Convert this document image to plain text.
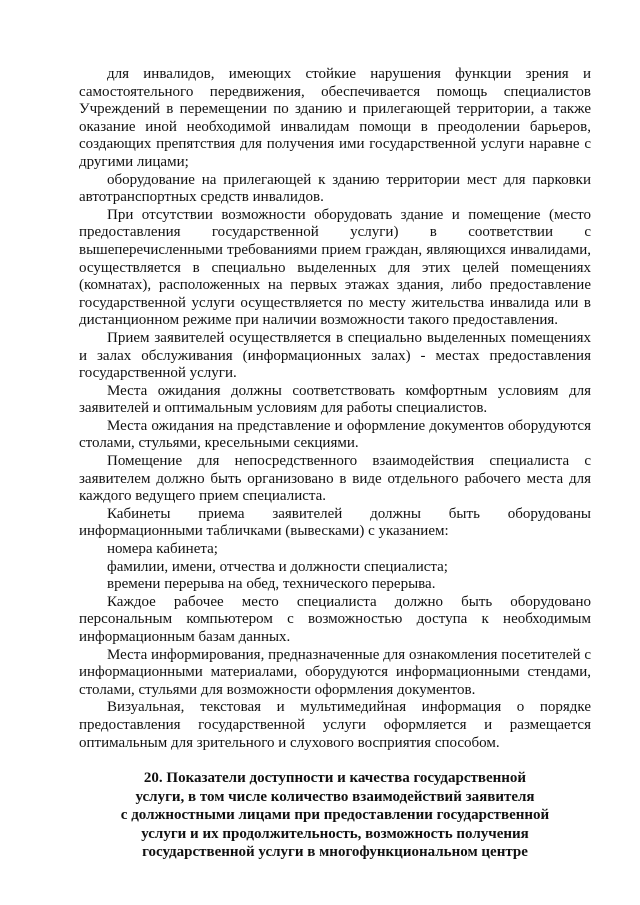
для инвалидов, имеющих стойкие нарушения функции зрения и самостоятельного передвижения, обеспечивается помощь специалистов Учреждений в перемещении по зданию и прилегающей территории, а также оказание иной необходимой инвалидам помощи в преодолении барьеров, создающих препятствия для получения ими государственной услуги наравне с другими лицами;

оборудование на прилегающей к зданию территории мест для парковки автотранспортных средств инвалидов.

При отсутствии возможности оборудовать здание и помещение (место предоставления государственной услуги) в соответствии с вышеперечисленными требованиями прием граждан, являющихся инвалидами, осуществляется в специально выделенных для этих целей помещениях (комнатах), расположенных на первых этажах здания, либо предоставление государственной услуги осуществляется по месту жительства инвалида или в дистанционном режиме при наличии возможности такого предоставления.

Прием заявителей осуществляется в специально выделенных помещениях и залах обслуживания (информационных залах) - местах предоставления государственной услуги.

Места ожидания должны соответствовать комфортным условиям для заявителей и оптимальным условиям для работы специалистов.

Места ожидания на представление и оформление документов оборудуются столами, стульями, кресельными секциями.

Помещение для непосредственного взаимодействия специалиста с заявителем должно быть организовано в виде отдельного рабочего места для каждого ведущего прием специалиста.

Кабинеты приема заявителей должны быть оборудованы информационными табличками (вывесками) с указанием:

номера кабинета;

фамилии, имени, отчества и должности специалиста;

времени перерыва на обед, технического перерыва.

Каждое рабочее место специалиста должно быть оборудовано персональным компьютером с возможностью доступа к необходимым информационным базам данных.

Места информирования, предназначенные для ознакомления посетителей с информационными материалами, оборудуются информационными стендами, столами, стульями для возможности оформления документов.

Визуальная, текстовая и мультимедийная информация о порядке предоставления государственной услуги оформляется и размещается оптимальным для зрительного и слухового восприятия способом.

20. Показатели доступности и качества государственной
услуги, в том числе количество взаимодействий заявителя
с должностными лицами при предоставлении государственной
услуги и их продолжительность, возможность получения
государственной услуги в многофункциональном центре
